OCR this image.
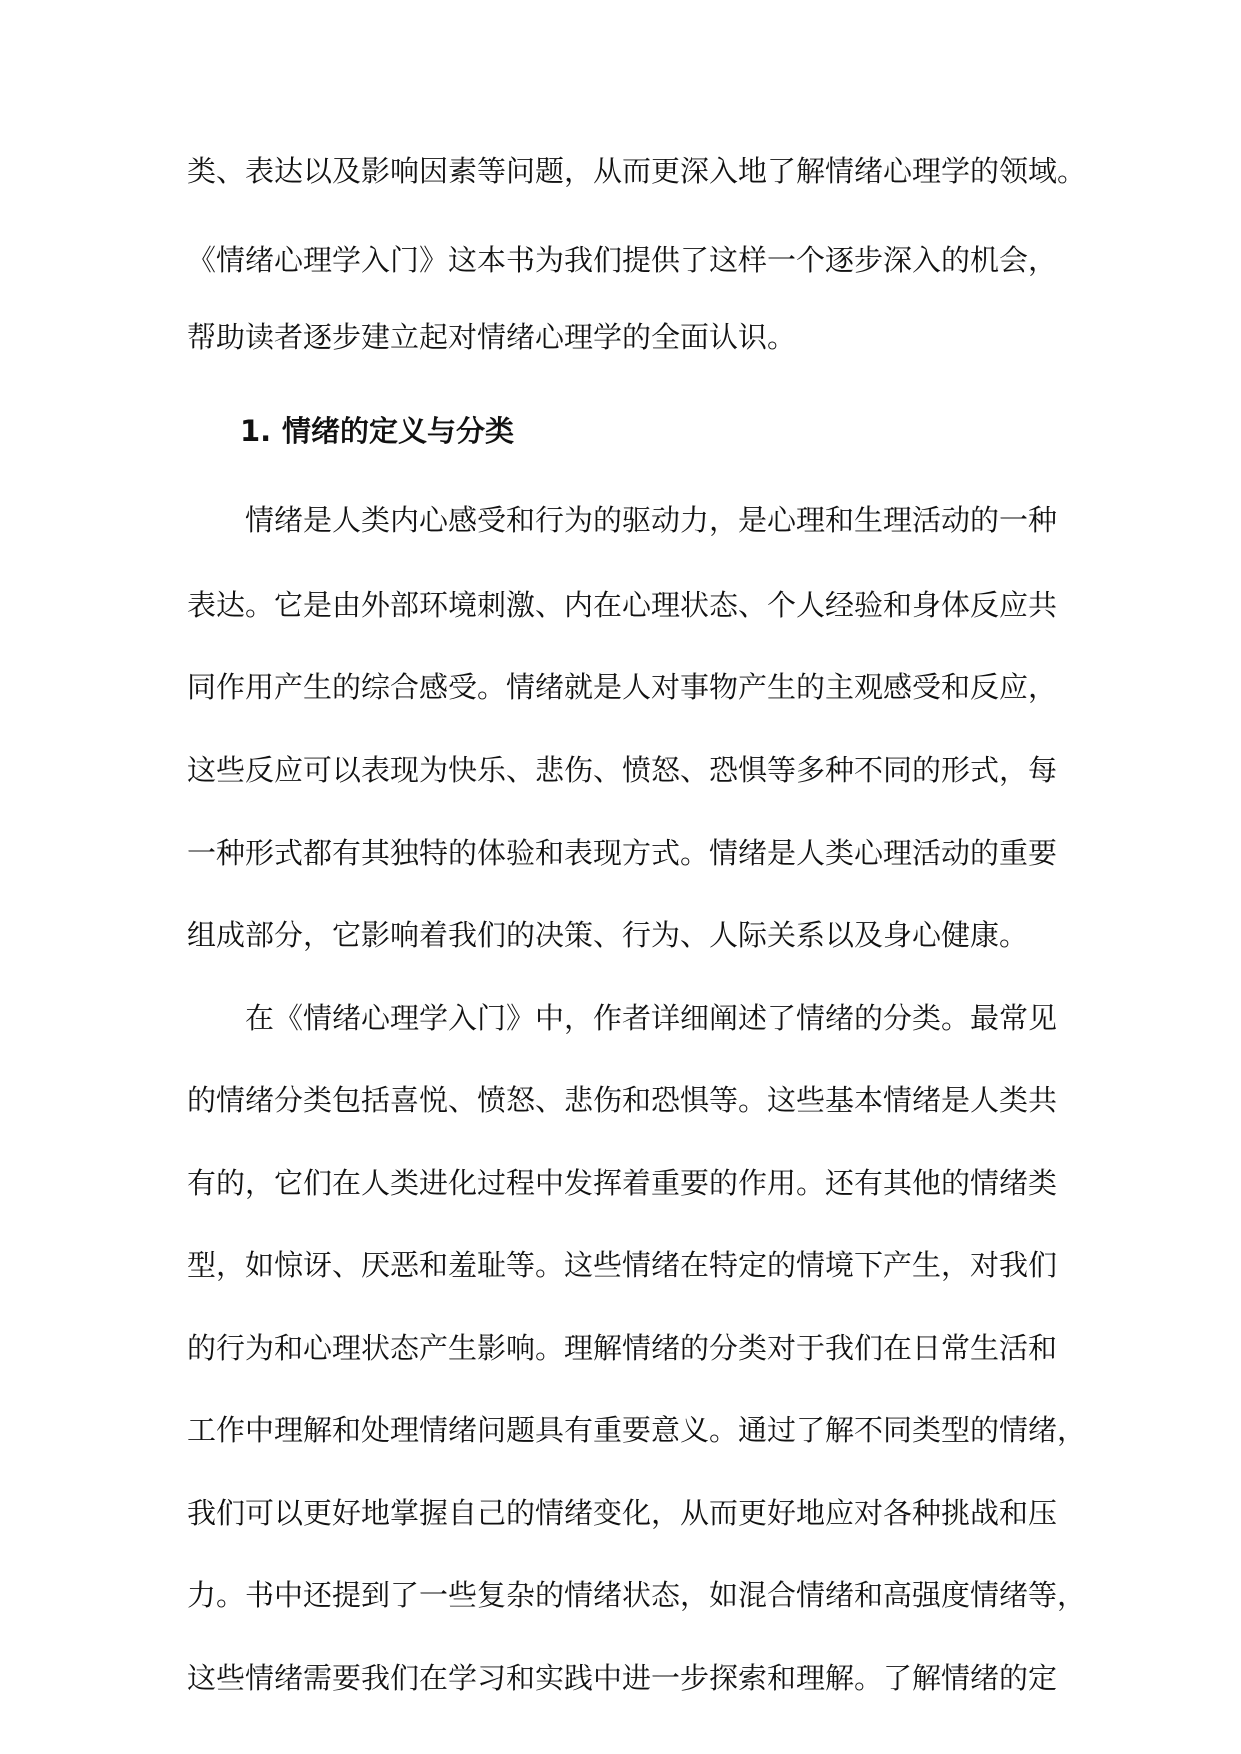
类、表达以及影响因素等问题，从而更深入地了解情绪心理学的领域。
《情绪心理学入门》这本书为我们提供了这样一个逐步深入的机会，
帮助读者逐步建立起对情绪心理学的全面认识。
1. 情绪的定义与分类
情绪是人类内心感受和行为的驱动力，是心理和生理活动的一种
表达。它是由外部环境刺激、内在心理状态、个人经验和身体反应共
同作用产生的综合感受。情绪就是人对事物产生的主观感受和反应，
这些反应可以表现为快乐、悲伤、愤怒、恐惧等多种不同的形式，每
一种形式都有其独特的体验和表现方式。情绪是人类心理活动的重要
组成部分，它影响着我们的决策、行为、人际关系以及身心健康。
在《情绪心理学入门》中，作者详细阐述了情绪的分类。最常见
的情绪分类包括喜悦、愤怒、悲伤和恐惧等。这些基本情绪是人类共
有的，它们在人类进化过程中发挥着重要的作用。还有其他的情绪类
型，如惊讶、厌恶和羞耻等。这些情绪在特定的情境下产生，对我们
的行为和心理状态产生影响。理解情绪的分类对于我们在日常生活和
工作中理解和处理情绪问题具有重要意义。通过了解不同类型的情绪，
我们可以更好地掌握自己的情绪变化，从而更好地应对各种挑战和压
力。书中还提到了一些复杂的情绪状态，如混合情绪和高强度情绪等，
这些情绪需要我们在学习和实践中进一步探索和理解。了解情绪的定
